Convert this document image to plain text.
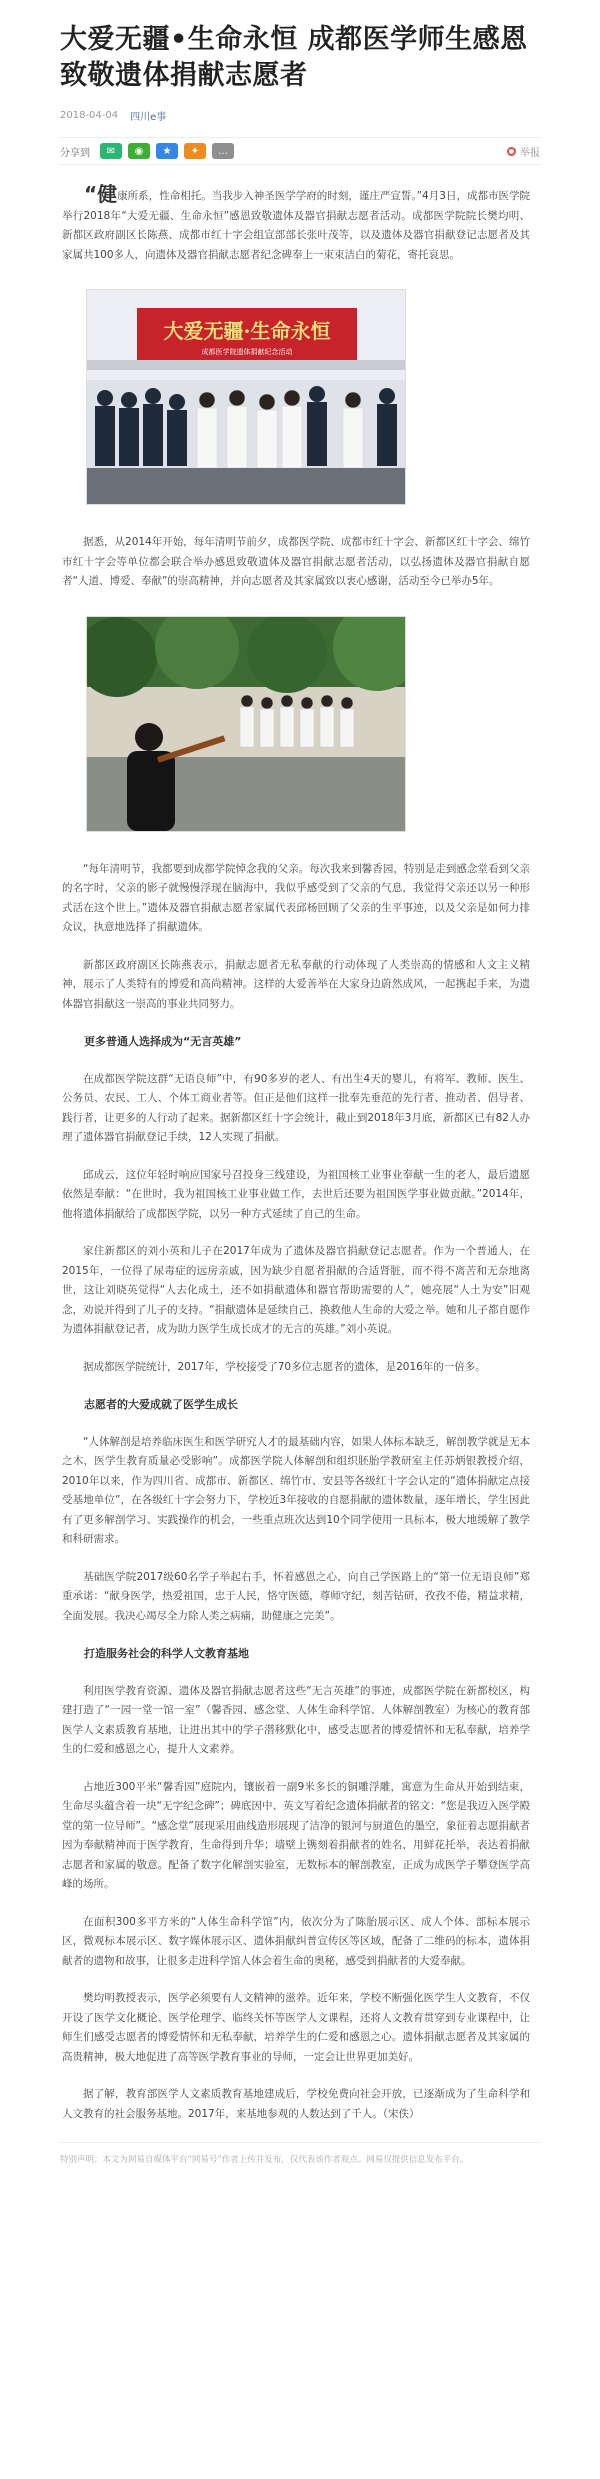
大爱无疆•生命永恒 成都医学师生感恩致敬遗体捐献志愿者
2018-04-04 四川e事
分享到	✉	◉	★	✦	…	举报

“健康所系，性命相托。当我步入神圣医学学府的时刻，谨庄严宣誓。”4月3日，成都市医学院举行2018年“大爱无疆、生命永恒”感恩致敬遗体及器官捐献志愿者活动。成都医学院院长樊均明、新都区政府副区长陈燕、成都市红十字会组宣部部长张叶茂等，以及遗体及器官捐献登记志愿者及其家属共100多人，向遗体及器官捐献志愿者纪念碑奉上一束束洁白的菊花，寄托哀思。

大爱无疆·生命永恒
成都医学院遗体捐献纪念活动

据悉，从2014年开始，每年清明节前夕，成都医学院、成都市红十字会、新都区红十字会、绵竹市红十字会等单位都会联合举办感恩致敬遗体及器官捐献志愿者活动，以弘扬遗体及器官捐献自愿者“人道、博爱、奉献”的崇高精神，并向志愿者及其家属致以衷心感谢，活动至今已举办5年。

“每年清明节，我都要到成都学院悼念我的父亲。每次我来到馨香园，特别是走到感念堂看到父亲的名字时，父亲的影子就慢慢浮现在脑海中，我似乎感受到了父亲的气息，我觉得父亲还以另一种形式活在这个世上。”遗体及器官捐献志愿者家属代表邱杨回顾了父亲的生平事迹，以及父亲是如何力排众议，执意地选择了捐献遗体。

新都区政府副区长陈燕表示，捐献志愿者无私奉献的行动体现了人类崇高的情感和人文主义精神，展示了人类特有的博爱和高尚精神。这样的大爱善举在大家身边蔚然成风，一起携起手来，为遗体器官捐献这一崇高的事业共同努力。

更多普通人选择成为“无言英雄”

在成都医学院这群“无语良师”中，有90多岁的老人、有出生4天的婴儿，有将军、教师、医生、公务员、农民、工人、个体工商业者等。但正是他们这样一批奉先垂范的先行者、推动者、倡导者、践行者，让更多的人行动了起来。据新都区红十字会统计，截止到2018年3月底，新都区已有82人办理了遗体器官捐献登记手续，12人实现了捐献。

邱成云，这位年轻时响应国家号召投身三线建设，为祖国核工业事业奉献一生的老人，最后遗愿依然是奉献：“在世时，我为祖国核工业事业做工作，去世后还要为祖国医学事业做贡献。”2014年，他将遗体捐献给了成都医学院，以另一种方式延续了自己的生命。

家住新都区的刘小英和儿子在2017年成为了遗体及器官捐献登记志愿者。作为一个普通人，在2015年，一位得了尿毒症的远房亲戚，因为缺少自愿者捐献的合适肾脏，而不得不离苦和无奈地离世，这让刘晓英觉得“人去化成土，还不如捐献遗体和器官帮助需要的人”，她亮展“人土为安”旧观念，劝说并得到了儿子的支持。“捐献遗体是延续自己、换救他人生命的大爱之举。她和儿子都自愿作为遗体捐献登记者，成为助力医学生成长成才的无言的英雄。”刘小英说。

据成都医学院统计，2017年，学校接受了70多位志愿者的遗体，是2016年的一倍多。

志愿者的大爱成就了医学生成长

“人体解剖是培养临床医生和医学研究人才的最基础内容，如果人体标本缺乏，解剖教学就是无本之木，医学生教育质量必受影响”。成都医学院人体解剖和组织胚胎学教研室主任苏炳银教授介绍，2010年以来，作为四川省、成都市、新都区、绵竹市、安县等各级红十字会认定的“遗体捐献定点接受基地单位”，在各级红十字会努力下，学校近3年接收的自愿捐献的遗体数量，逐年增长，学生因此有了更多解剖学习、实践操作的机会，一些重点班次达到10个同学使用一具标本，极大地缓解了教学和科研需求。

基础医学院2017级60名学子举起右手，怀着感恩之心，向自己学医路上的“第一位无语良师”郑重承诺：“献身医学，热爱祖国，忠于人民，恪守医德，尊师守纪，刻苦钻研，孜孜不倦，精益求精，全面发展。我决心竭尽全力除人类之病痛，助健康之完美”。

打造服务社会的科学人文教育基地

利用医学教育资源、遗体及器官捐献志愿者这些“无言英雄”的事迹，成都医学院在新都校区，构建打造了“一园一堂一馆一室”（馨香园、感念堂、人体生命科学馆、人体解剖教室）为核心的教育部医学人文素质教育基地，让进出其中的学子潜移默化中，感受志愿者的博爱情怀和无私奉献，培养学生的仁爱和感恩之心，提升人文素养。

占地近300平米“馨香园”庭院内，镶嵌着一副9米多长的铜雕浮雕，寓意为生命从开始到结束，生命尽头蕴含着一块“无字纪念碑”；碑底因中、英文写着纪念遗体捐献者的铭文：“您是我迈入医学殿堂的第一位导师”。“感念堂”展现采用曲线造形展现了洁净的银河与厨道色的墨空，象征着志愿捐献者因为奉献精神而于医学教育，生命得到升华；墙壁上镌刻着捐献者的姓名，用鲜花托举，表达着捐献志愿者和家属的敬意。配备了数字化解剖实验室，无数标本的解剖教室，正成为成医学子攀登医学高峰的场所。

在面积300多平方米的“人体生命科学馆”内，依次分为了陈胎展示区、成人个体、部标本展示区，微观标本展示区、数字媒体展示区、遗体捐献纠普宣传区等区域，配备了二维码的标本，遗体捐献者的遗物和故事，让很多走进科学馆人体会着生命的奥秘，感受到捐献者的大爱奉献。

樊均明教授表示，医学必须要有人文精神的滋养。近年来，学校不断强化医学生人文教育，不仅开设了医学文化概论、医学伦理学、临终关怀等医学人文课程，还将人文教育贯穿到专业课程中，让师生们感受志愿者的博爱情怀和无私奉献，培养学生的仁爱和感恩之心。遗体捐献志愿者及其家属的高贵精神，极大地促进了高等医学教育事业的导师，一定会让世界更加美好。

据了解，教育部医学人文素质教育基地建成后，学校免费向社会开放，已逐渐成为了生命科学和人文教育的社会服务基地。2017年，来基地参观的人数达到了千人。（宋佚）

特别声明：本文为网易自媒体平台“网易号”作者上传并发布，仅代表该作者观点。网易仅提供信息发布平台。
